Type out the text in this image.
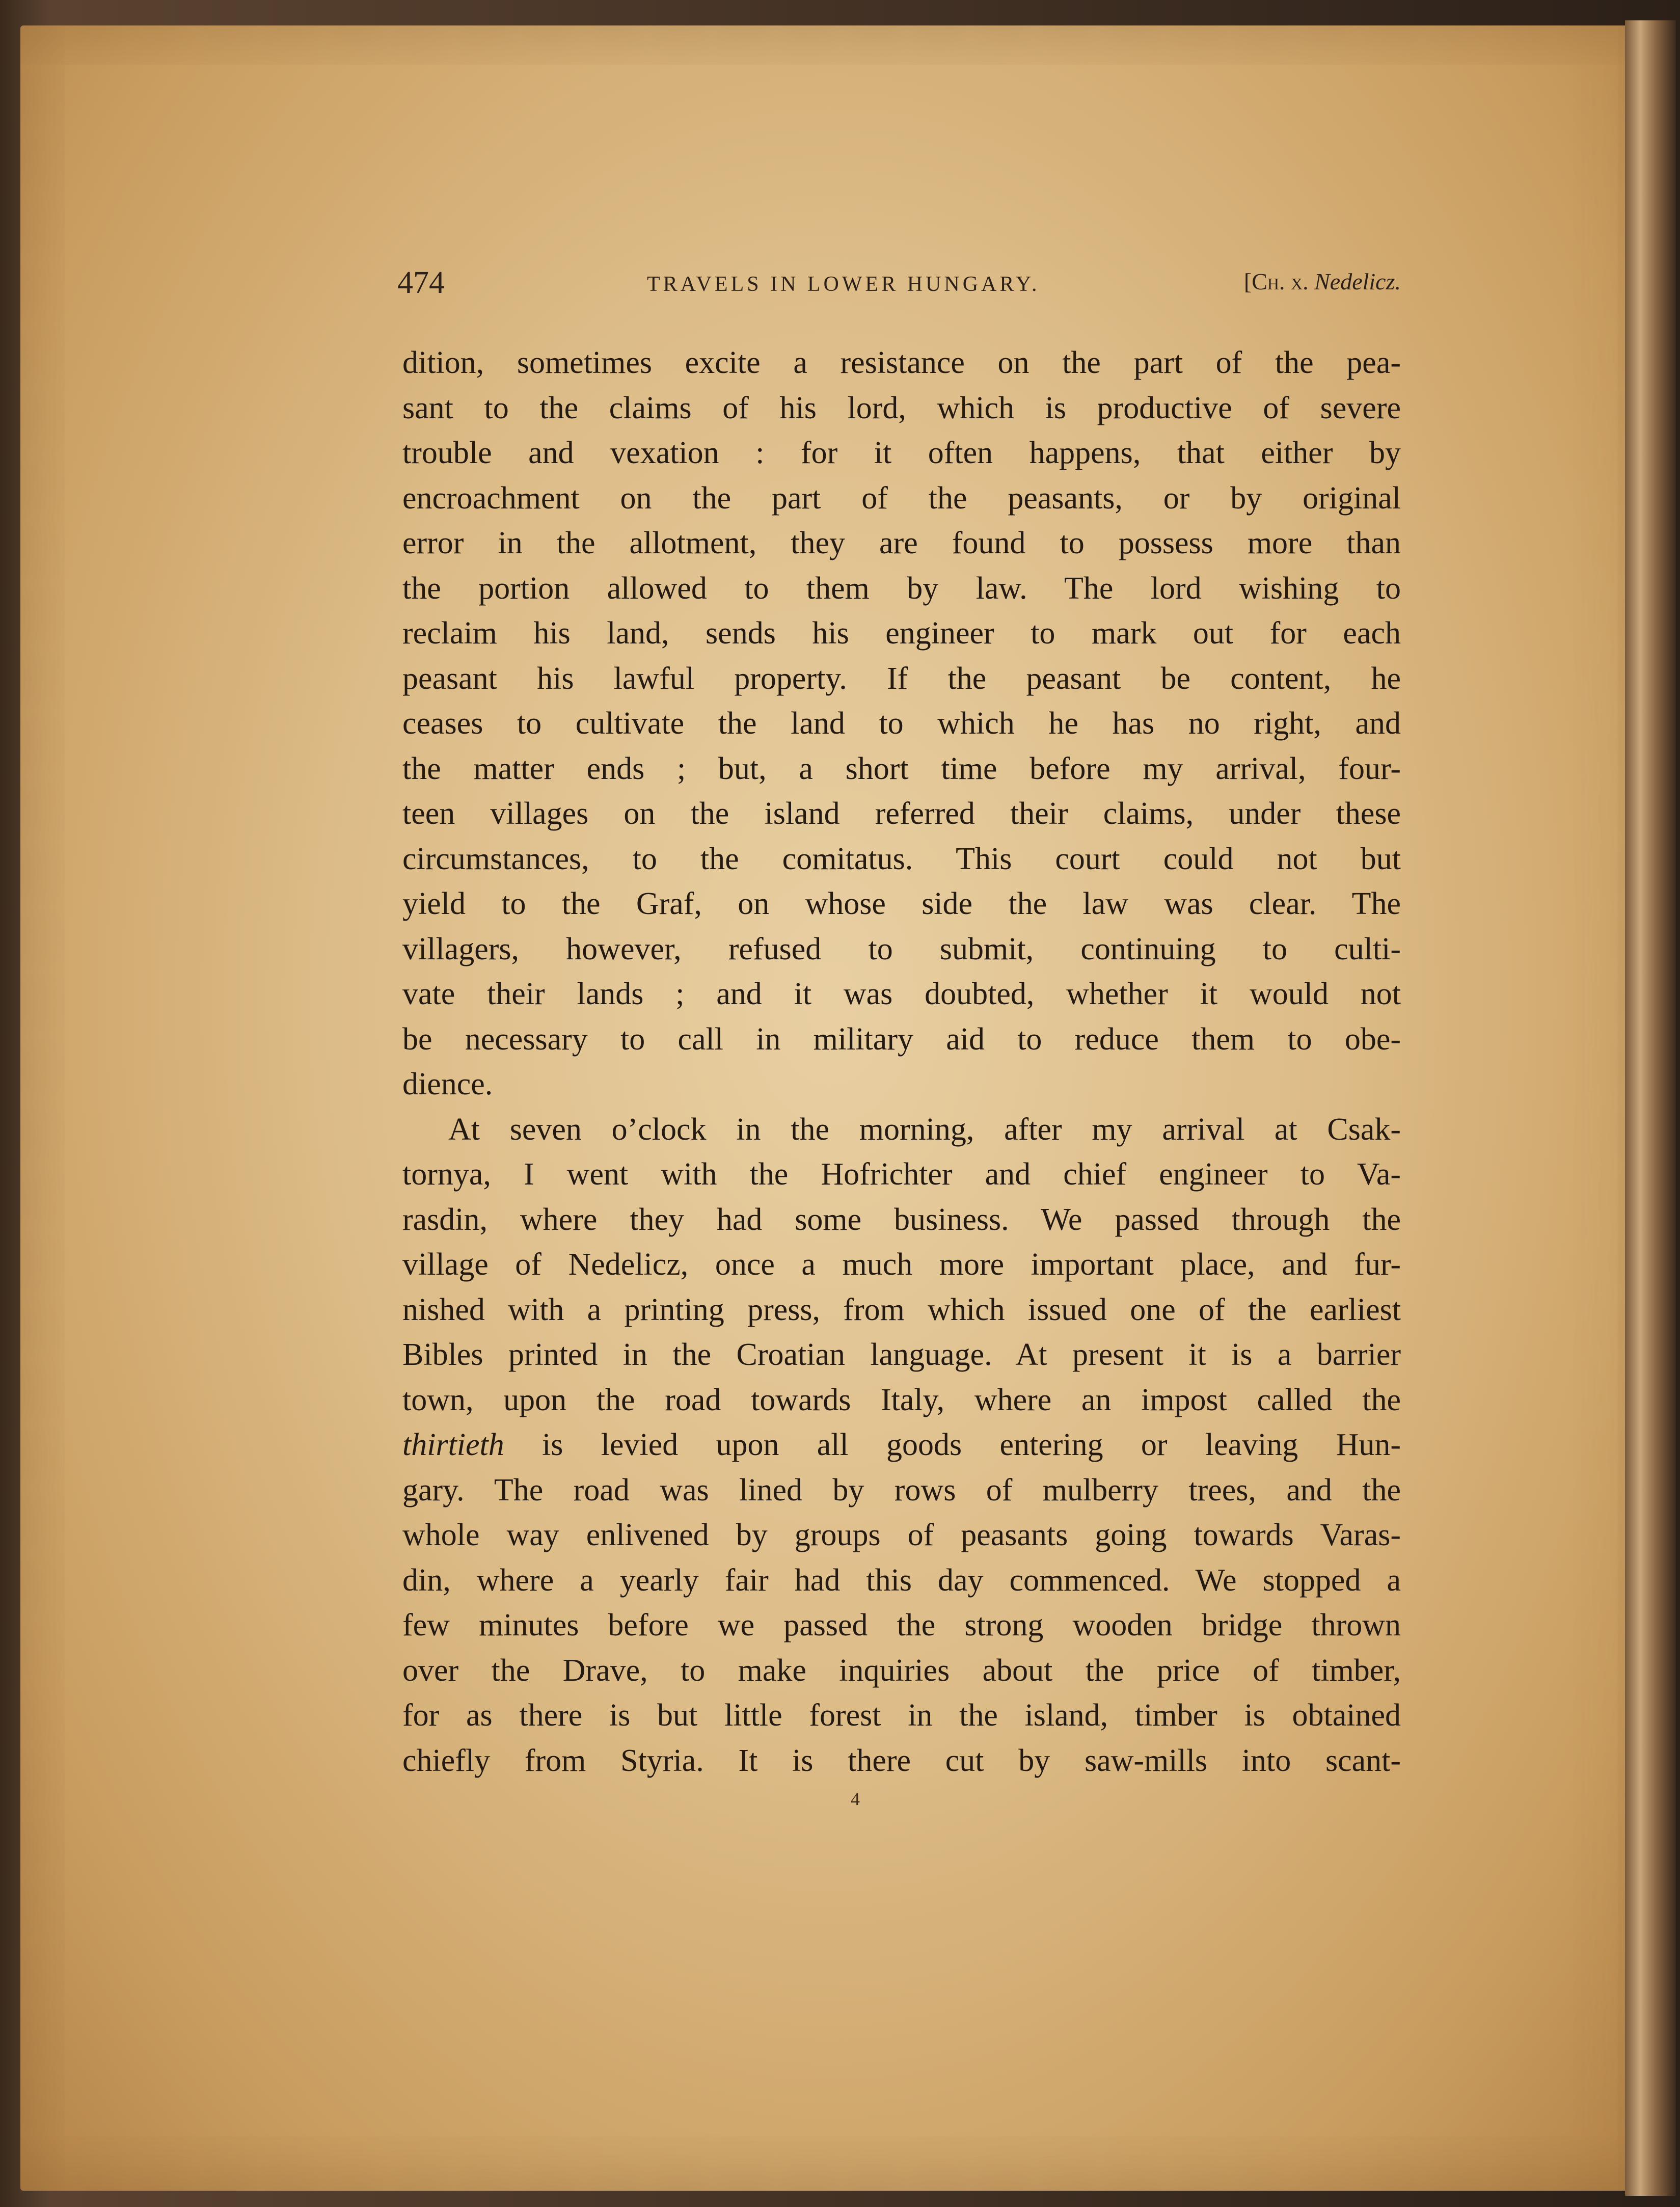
474	TRAVELS IN LOWER HUNGARY.	[Ch. x. Nedelicz.
dition, sometimes excite a resistance on the part of the pea-
sant to the claims of his lord, which is productive of severe
trouble and vexation : for it often happens, that either by
encroachment on the part of the peasants, or by original
error in the allotment, they are found to possess more than
the portion allowed to them by law. The lord wishing to
reclaim his land, sends his engineer to mark out for each
peasant his lawful property. If the peasant be content, he
ceases to cultivate the land to which he has no right, and
the matter ends ; but, a short time before my arrival, four-
teen villages on the island referred their claims, under these
circumstances, to the comitatus. This court could not but
yield to the Graf, on whose side the law was clear. The
villagers, however, refused to submit, continuing to culti-
vate their lands ; and it was doubted, whether it would not
be necessary to call in military aid to reduce them to obe-
dience.
At seven o’clock in the morning, after my arrival at Csak-
tornya, I went with the Hofrichter and chief engineer to Va-
rasdin, where they had some business. We passed through the
village of Nedelicz, once a much more important place, and fur-
nished with a printing press, from which issued one of the earliest
Bibles printed in the Croatian language. At present it is a barrier
town, upon the road towards Italy, where an impost called the
thirtieth is levied upon all goods entering or leaving Hun-
gary. The road was lined by rows of mulberry trees, and the
whole way enlivened by groups of peasants going towards Varas-
din, where a yearly fair had this day commenced. We stopped a
few minutes before we passed the strong wooden bridge thrown
over the Drave, to make inquiries about the price of timber,
for as there is but little forest in the island, timber is obtained
chiefly from Styria. It is there cut by saw-mills into scant-
4
